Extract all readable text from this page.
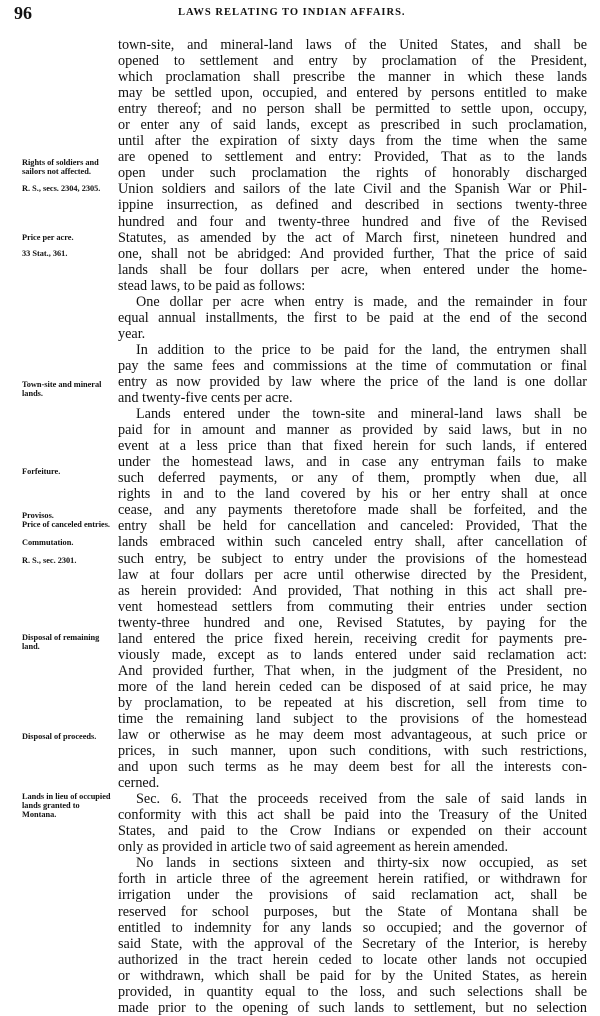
96	LAWS RELATING TO INDIAN AFFAIRS.
Rights of soldiers and sailors not affected.
R. S., secs. 2304, 2305.
Price per acre.
33 Stat., 361.
Town-site and mineral lands.
Forfeiture.
Provisos.
Price of canceled entries.
Commutation.
R. S., sec. 2301.
Disposal of remaining land.
Disposal of proceeds.
Lands in lieu of occupied lands granted to Montana.
town-site, and mineral-land laws of the United States, and shall be
opened to settlement and entry by proclamation of the President,
which proclamation shall prescribe the manner in which these lands
may be settled upon, occupied, and entered by persons entitled to make
entry thereof; and no person shall be permitted to settle upon, occupy,
or enter any of said lands, except as prescribed in such proclamation,
until after the expiration of sixty days from the time when the same
are opened to settlement and entry: Provided, That as to the lands
open under such proclamation the rights of honorably discharged
Union soldiers and sailors of the late Civil and the Spanish War or Phil-
ippine insurrection, as defined and described in sections twenty-three
hundred and four and twenty-three hundred and five of the Revised
Statutes, as amended by the act of March first, nineteen hundred and
one, shall not be abridged: And provided further, That the price of said
lands shall be four dollars per acre, when entered under the home-
stead laws, to be paid as follows:
One dollar per acre when entry is made, and the remainder in four
equal annual installments, the first to be paid at the end of the second
year.
In addition to the price to be paid for the land, the entrymen shall
pay the same fees and commissions at the time of commutation or final
entry as now provided by law where the price of the land is one dollar
and twenty-five cents per acre.
Lands entered under the town-site and mineral-land laws shall be
paid for in amount and manner as provided by said laws, but in no
event at a less price than that fixed herein for such lands, if entered
under the homestead laws, and in case any entryman fails to make
such deferred payments, or any of them, promptly when due, all
rights in and to the land covered by his or her entry shall at once
cease, and any payments theretofore made shall be forfeited, and the
entry shall be held for cancellation and canceled: Provided, That the
lands embraced within such canceled entry shall, after cancellation of
such entry, be subject to entry under the provisions of the homestead
law at four dollars per acre until otherwise directed by the President,
as herein provided: And provided, That nothing in this act shall pre-
vent homestead settlers from commuting their entries under section
twenty-three hundred and one, Revised Statutes, by paying for the
land entered the price fixed herein, receiving credit for payments pre-
viously made, except as to lands entered under said reclamation act:
And provided further, That when, in the judgment of the President, no
more of the land herein ceded can be disposed of at said price, he may
by proclamation, to be repeated at his discretion, sell from time to
time the remaining land subject to the provisions of the homestead
law or otherwise as he may deem most advantageous, at such price or
prices, in such manner, upon such conditions, with such restrictions,
and upon such terms as he may deem best for all the interests con-
cerned.
Sec. 6. That the proceeds received from the sale of said lands in
conformity with this act shall be paid into the Treasury of the United
States, and paid to the Crow Indians or expended on their account
only as provided in article two of said agreement as herein amended.
No lands in sections sixteen and thirty-six now occupied, as set
forth in article three of the agreement herein ratified, or withdrawn for
irrigation under the provisions of said reclamation act, shall be
reserved for school purposes, but the State of Montana shall be
entitled to indemnity for any lands so occupied; and the governor of
said State, with the approval of the Secretary of the Interior, is hereby
authorized in the tract herein ceded to locate other lands not occupied
or withdrawn, which shall be paid for by the United States, as herein
provided, in quantity equal to the loss, and such selections shall be
made prior to the opening of such lands to settlement, but no selection
